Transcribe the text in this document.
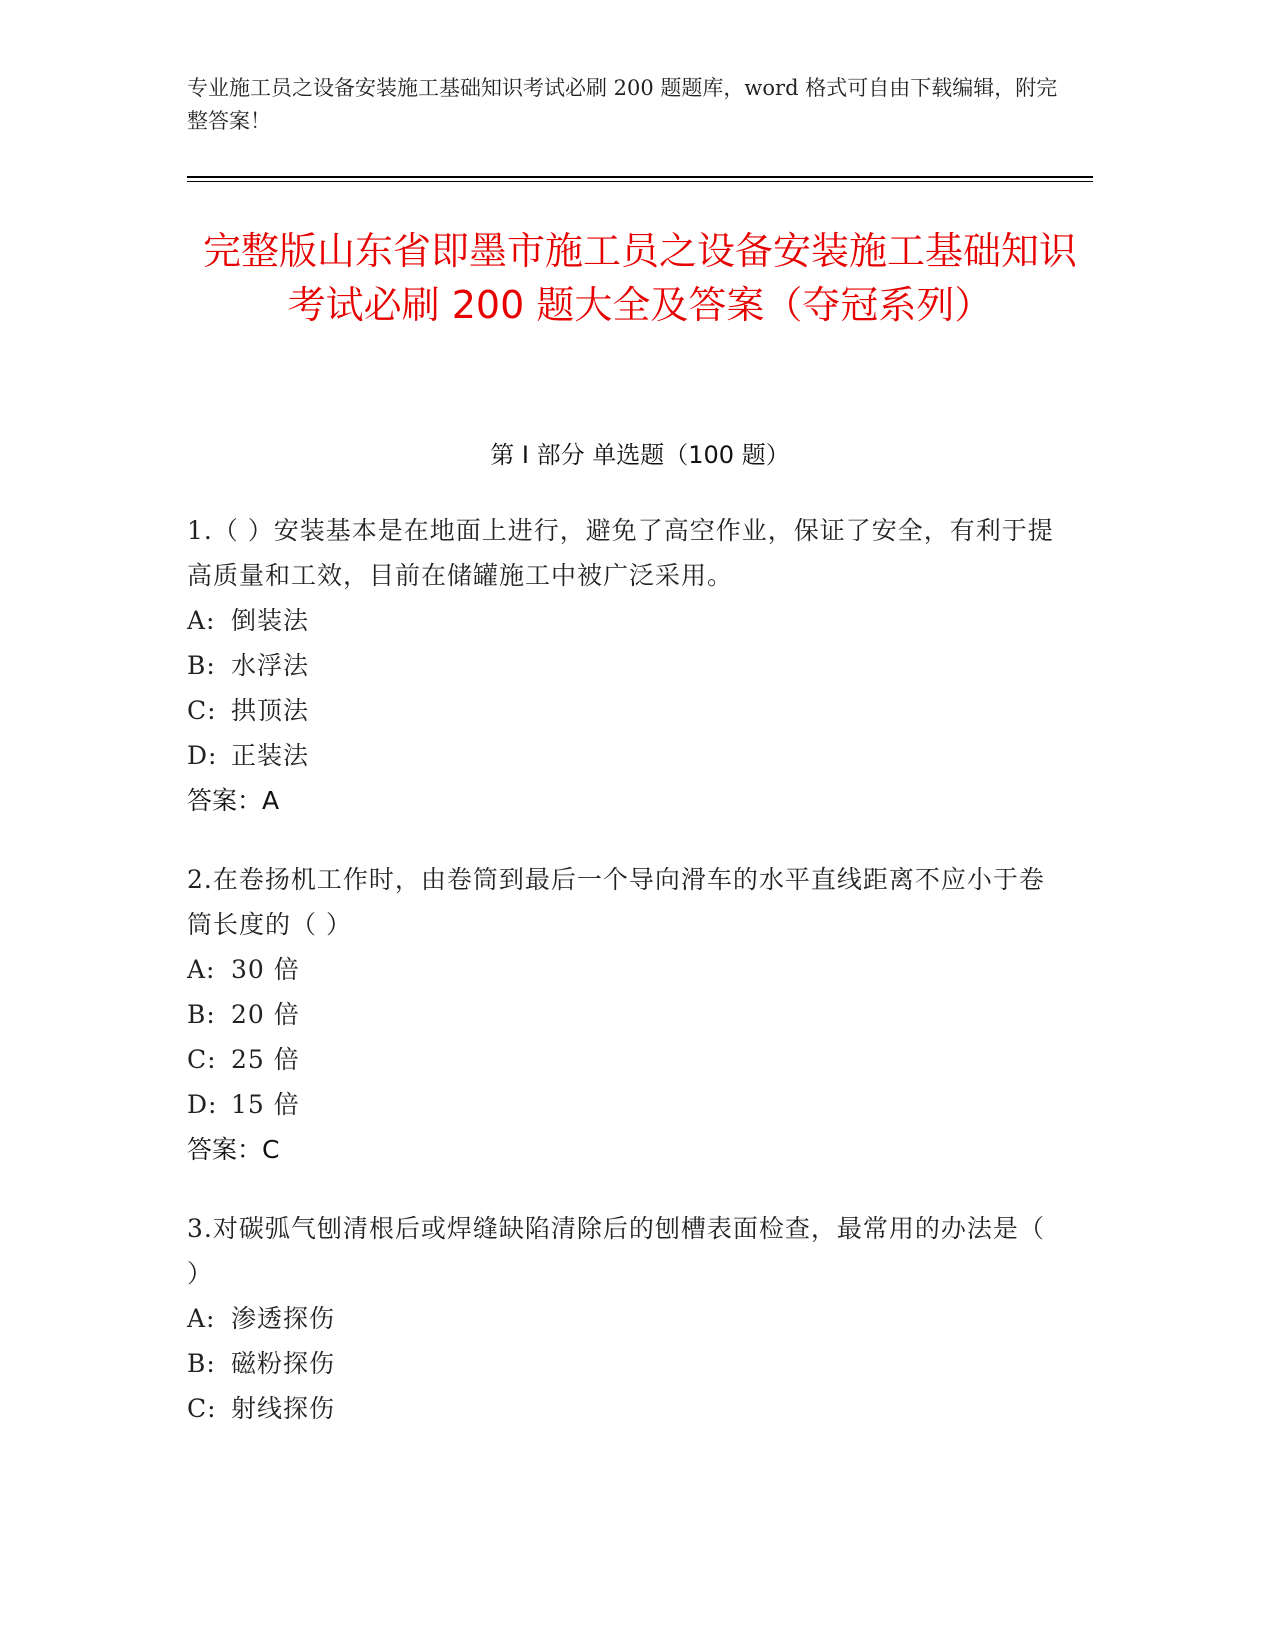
专业施工员之设备安装施工基础知识考试必刷 200 题题库，word 格式可自由下载编辑，附完整答案！

完整版山东省即墨市施工员之设备安装施工基础知识考试必刷 200 题大全及答案（夺冠系列）
第 I 部分 单选题（100 题）

1.（ ）安装基本是在地面上进行，避免了高空作业，保证了安全，有利于提高质量和工效，目前在储罐施工中被广泛采用。

A: 倒装法

B: 水浮法

C: 拱顶法

D: 正装法

答案：A

2.在卷扬机工作时，由卷筒到最后一个导向滑车的水平直线距离不应小于卷筒长度的（ ）

A: 30 倍

B: 20 倍

C: 25 倍

D: 15 倍

答案：C

3.对碳弧气刨清根后或焊缝缺陷清除后的刨槽表面检查，最常用的办法是（ ）

A: 渗透探伤

B: 磁粉探伤

C: 射线探伤
